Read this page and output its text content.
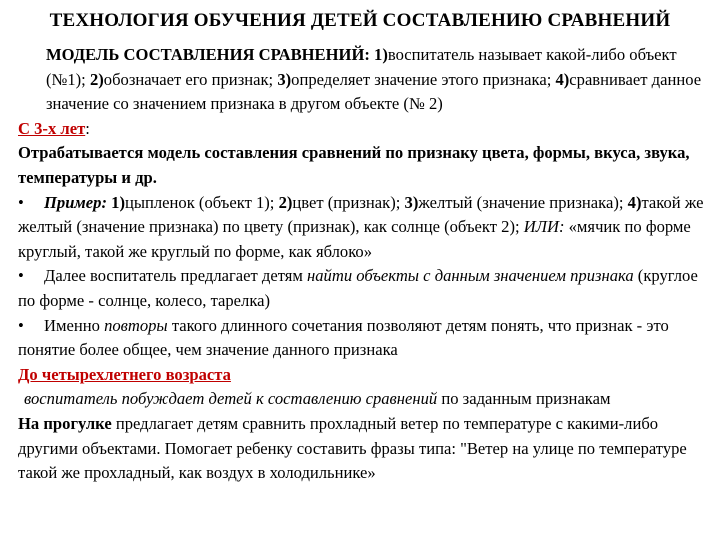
ТЕХНОЛОГИЯ ОБУЧЕНИЯ ДЕТЕЙ СОСТАВЛЕНИЮ СРАВНЕНИЙ

МОДЕЛЬ СОСТАВЛЕНИЯ СРАВНЕНИЙ: 1)воспитатель называет какой-либо объект (№1); 2)обозначает его признак; 3)определяет значение этого признака; 4)сравнивает данное значение со значением признака в другом объекте (№ 2)

С 3-х лет:

Отрабатывается модель составления сравнений по признаку цвета, формы, вкуса, звука, температуры и др.

• Пример: 1)цыпленок (объект 1); 2)цвет (признак); 3)желтый (значение признака); 4)такой же желтый (значение признака) по цвету (признак), как солнце (объект 2); ИЛИ: «мячик по форме круглый, такой же круглый по форме, как яблоко»

• Далее воспитатель предлагает детям найти объекты с данным значением признака (круглое по форме - солнце, колесо, тарелка)

• Именно повторы такого длинного сочетания позволяют детям понять, что признак - это понятие более общее, чем значение данного признака

До четырехлетнего возраста

воспитатель побуждает детей к составлению сравнений по заданным признакам

На прогулке предлагает детям сравнить прохладный ветер по температуре с какими-либо другими объектами. Помогает ребенку составить фразы типа: "Ветер на улице по температуре такой же прохладный, как воздух в холодильнике»
